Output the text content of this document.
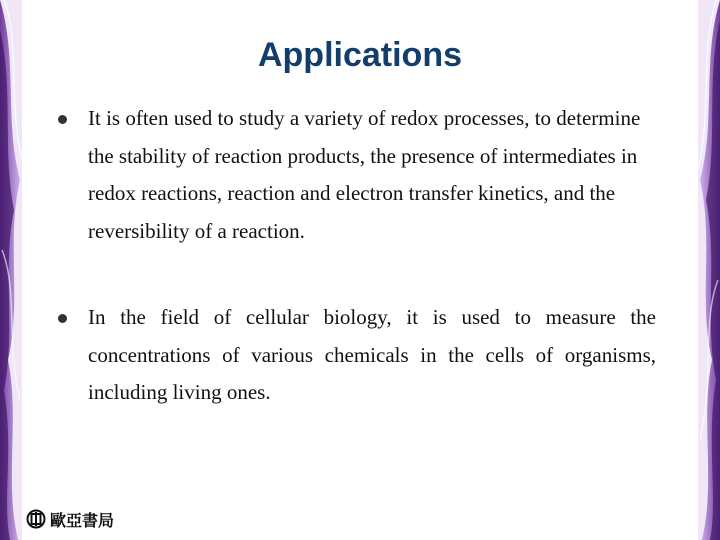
Applications
It is often used to study a variety of redox processes, to determine the stability of reaction products, the presence of intermediates in redox reactions, reaction and electron transfer kinetics, and the reversibility of a reaction.
In the field of cellular biology, it is used to measure the concentrations of various chemicals in the cells of organisms, including living ones.
歐亞書局
